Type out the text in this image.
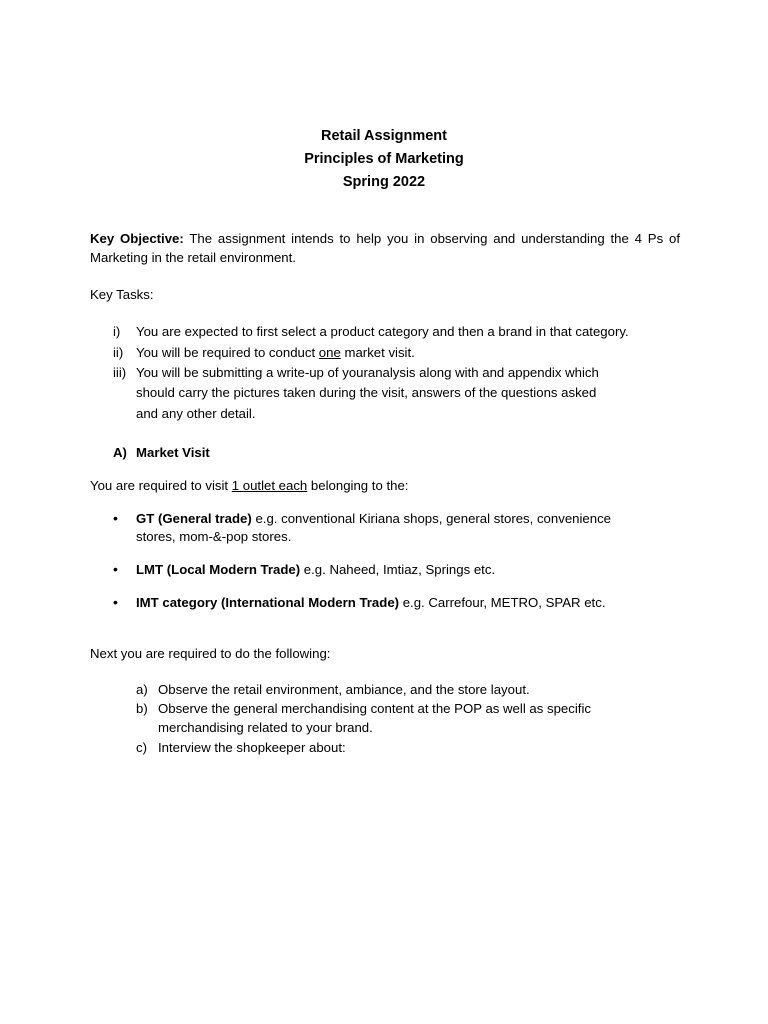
Retail Assignment
Principles of Marketing
Spring 2022
Key Objective: The assignment intends to help you in observing and understanding the 4 Ps of
Marketing in the retail environment.
Key Tasks:
i) You are expected to first select a product category and then a brand in that category.
ii) You will be required to conduct one market visit.
iii) You will be submitting a write-up of youranalysis along with and appendix which
should carry the pictures taken during the visit, answers of the questions asked
and any other detail.
A) Market Visit
You are required to visit 1 outlet each belonging to the:
• GT (General trade) e.g. conventional Kiriana shops, general stores, convenience
stores, mom-&-pop stores.
• LMT (Local Modern Trade) e.g. Naheed, Imtiaz, Springs etc.
• IMT category (International Modern Trade) e.g. Carrefour, METRO, SPAR etc.
Next you are required to do the following:
a) Observe the retail environment, ambiance, and the store layout.
b) Observe the general merchandising content at the POP as well as specific
merchandising related to your brand.
c) Interview the shopkeeper about:
